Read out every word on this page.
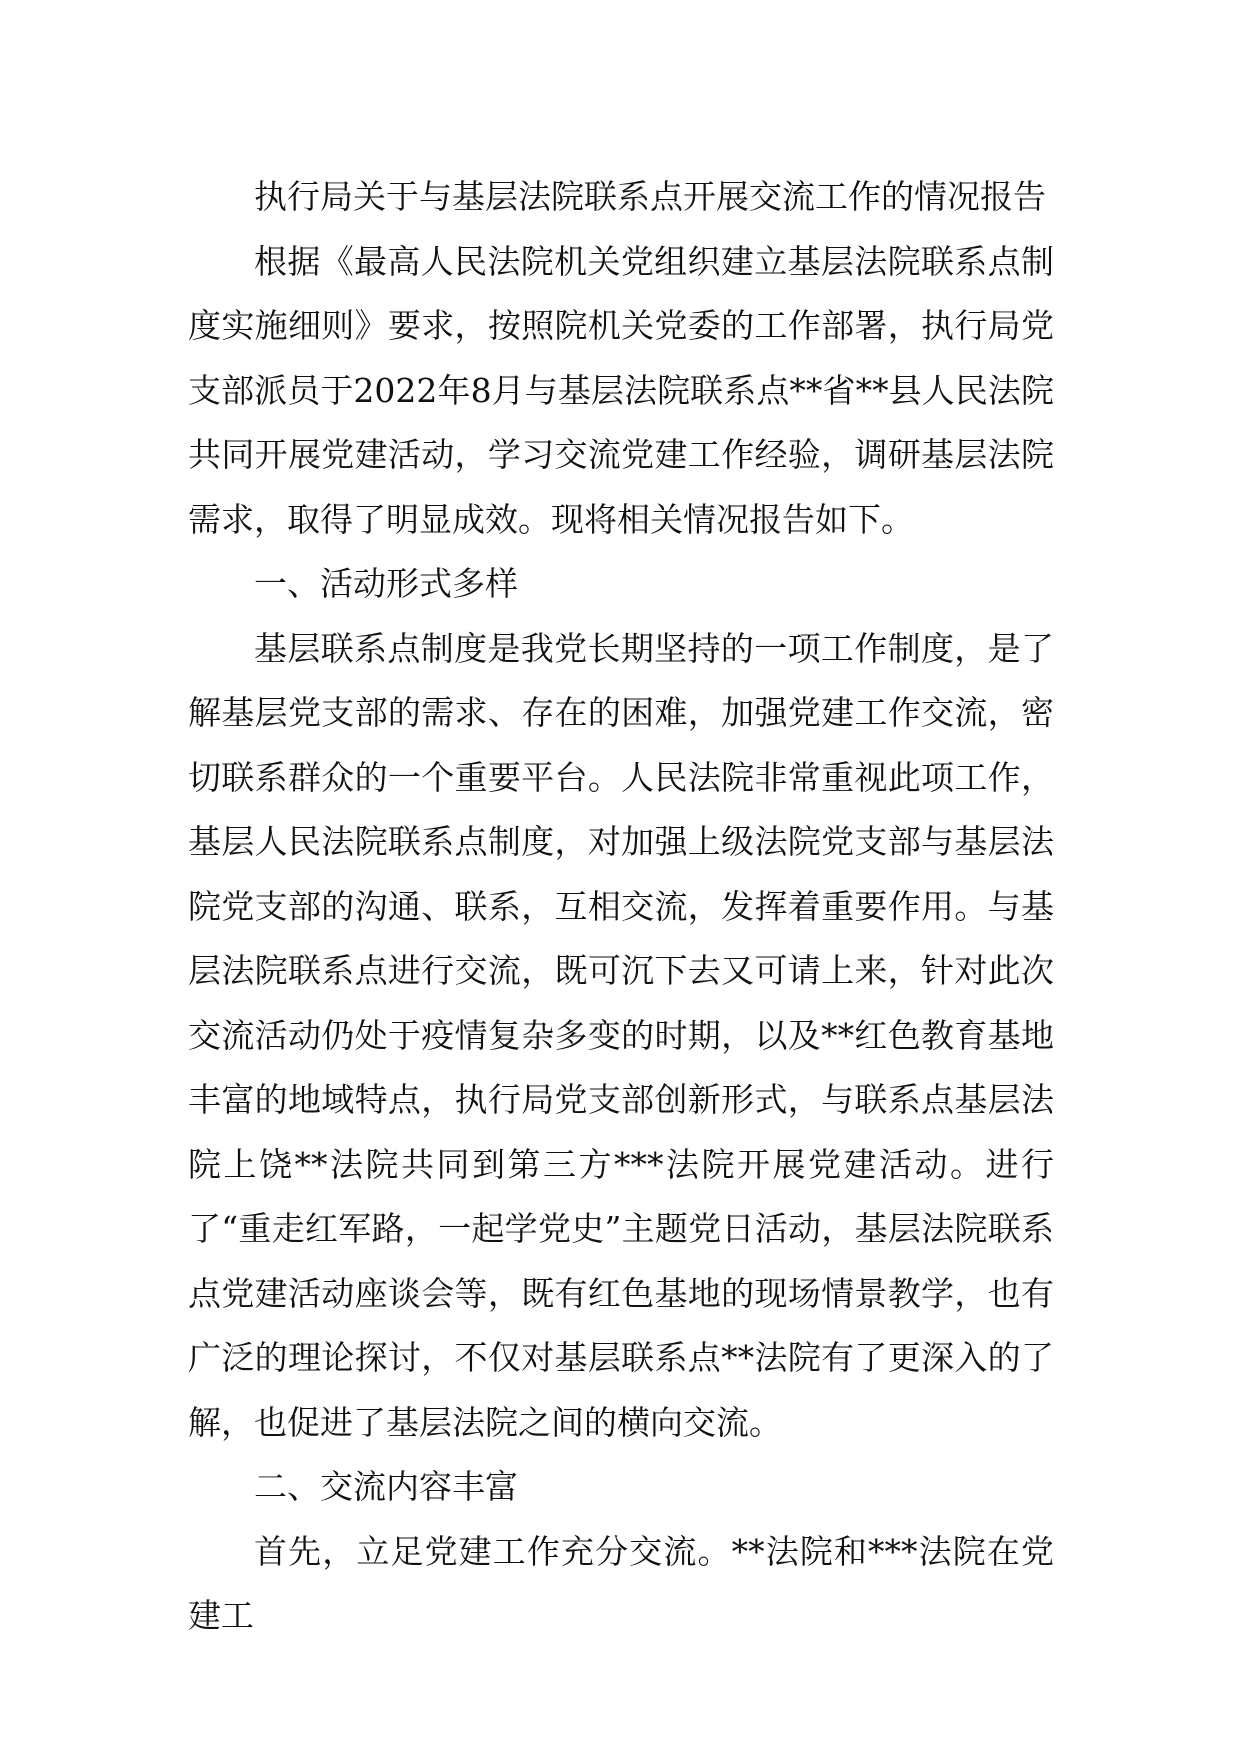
执行局关于与基层法院联系点开展交流工作的情况报告

根据《最高人民法院机关党组织建立基层法院联系点制度实施细则》要求，按照院机关党委的工作部署，执行局党支部派员于2022年8月与基层法院联系点**省**县人民法院共同开展党建活动，学习交流党建工作经验，调研基层法院需求，取得了明显成效。现将相关情况报告如下。

一、活动形式多样

基层联系点制度是我党长期坚持的一项工作制度，是了解基层党支部的需求、存在的困难，加强党建工作交流，密切联系群众的一个重要平台。人民法院非常重视此项工作，基层人民法院联系点制度，对加强上级法院党支部与基层法院党支部的沟通、联系，互相交流，发挥着重要作用。与基层法院联系点进行交流，既可沉下去又可请上来，针对此次交流活动仍处于疫情复杂多变的时期，以及**红色教育基地丰富的地域特点，执行局党支部创新形式，与联系点基层法院上饶**法院共同到第三方***法院开展党建活动。进行了“重走红军路，一起学党史”主题党日活动，基层法院联系点党建活动座谈会等，既有红色基地的现场情景教学，也有广泛的理论探讨，不仅对基层联系点**法院有了更深入的了解，也促进了基层法院之间的横向交流。

二、交流内容丰富

首先，立足党建工作充分交流。**法院和***法院在党建工
